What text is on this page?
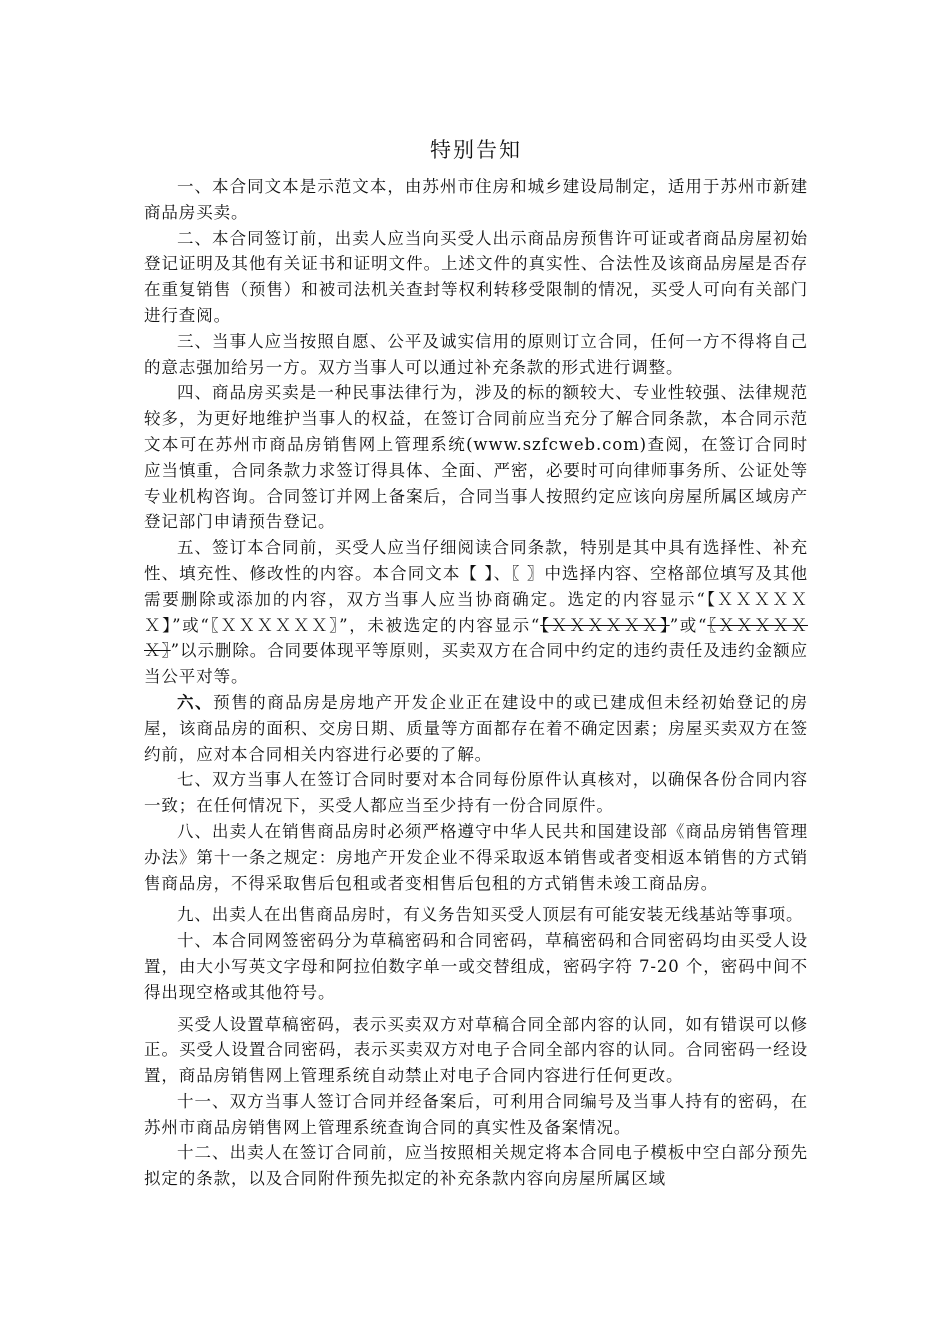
特别告知

一、本合同文本是示范文本，由苏州市住房和城乡建设局制定，适用于苏州市新建商品房买卖。

二、本合同签订前，出卖人应当向买受人出示商品房预售许可证或者商品房屋初始登记证明及其他有关证书和证明文件。上述文件的真实性、合法性及该商品房屋是否存在重复销售（预售）和被司法机关查封等权利转移受限制的情况，买受人可向有关部门进行查阅。

三、当事人应当按照自愿、公平及诚实信用的原则订立合同，任何一方不得将自己的意志强加给另一方。双方当事人可以通过补充条款的形式进行调整。

四、商品房买卖是一种民事法律行为，涉及的标的额较大、专业性较强、法律规范较多，为更好地维护当事人的权益，在签订合同前应当充分了解合同条款，本合同示范文本可在苏州市商品房销售网上管理系统(www.szfcweb.com)查阅，在签订合同时应当慎重，合同条款力求签订得具体、全面、严密，必要时可向律师事务所、公证处等专业机构咨询。合同签订并网上备案后，合同当事人按照约定应该向房屋所属区域房产登记部门申请预告登记。

五、签订本合同前，买受人应当仔细阅读合同条款，特别是其中具有选择性、补充性、填充性、修改性的内容。本合同文本【 】、〖 〗中选择内容、空格部位填写及其他需要删除或添加的内容，双方当事人应当协商确定。选定的内容显示“【ＸＸＸＸＸＸ】”或“〖ＸＸＸＸＸＸ〗”，未被选定的内容显示“【ＸＸＸＸＸＸ】”或“〖ＸＸＸＸＸＸ〗”以示删除。合同要体现平等原则，买卖双方在合同中约定的违约责任及违约金额应当公平对等。

六、预售的商品房是房地产开发企业正在建设中的或已建成但未经初始登记的房屋，该商品房的面积、交房日期、质量等方面都存在着不确定因素；房屋买卖双方在签约前，应对本合同相关内容进行必要的了解。

七、双方当事人在签订合同时要对本合同每份原件认真核对，以确保各份合同内容一致；在任何情况下，买受人都应当至少持有一份合同原件。

八、出卖人在销售商品房时必须严格遵守中华人民共和国建设部《商品房销售管理办法》第十一条之规定：房地产开发企业不得采取返本销售或者变相返本销售的方式销售商品房，不得采取售后包租或者变相售后包租的方式销售未竣工商品房。

九、出卖人在出售商品房时，有义务告知买受人顶层有可能安装无线基站等事项。

十、本合同网签密码分为草稿密码和合同密码，草稿密码和合同密码均由买受人设置，由大小写英文字母和阿拉伯数字单一或交替组成，密码字符 7-20 个，密码中间不得出现空格或其他符号。

买受人设置草稿密码，表示买卖双方对草稿合同全部内容的认同，如有错误可以修正。买受人设置合同密码，表示买卖双方对电子合同全部内容的认同。合同密码一经设置，商品房销售网上管理系统自动禁止对电子合同内容进行任何更改。

十一、双方当事人签订合同并经备案后，可利用合同编号及当事人持有的密码，在苏州市商品房销售网上管理系统查询合同的真实性及备案情况。

十二、出卖人在签订合同前，应当按照相关规定将本合同电子模板中空白部分预先拟定的条款，以及合同附件预先拟定的补充条款内容向房屋所属区域
